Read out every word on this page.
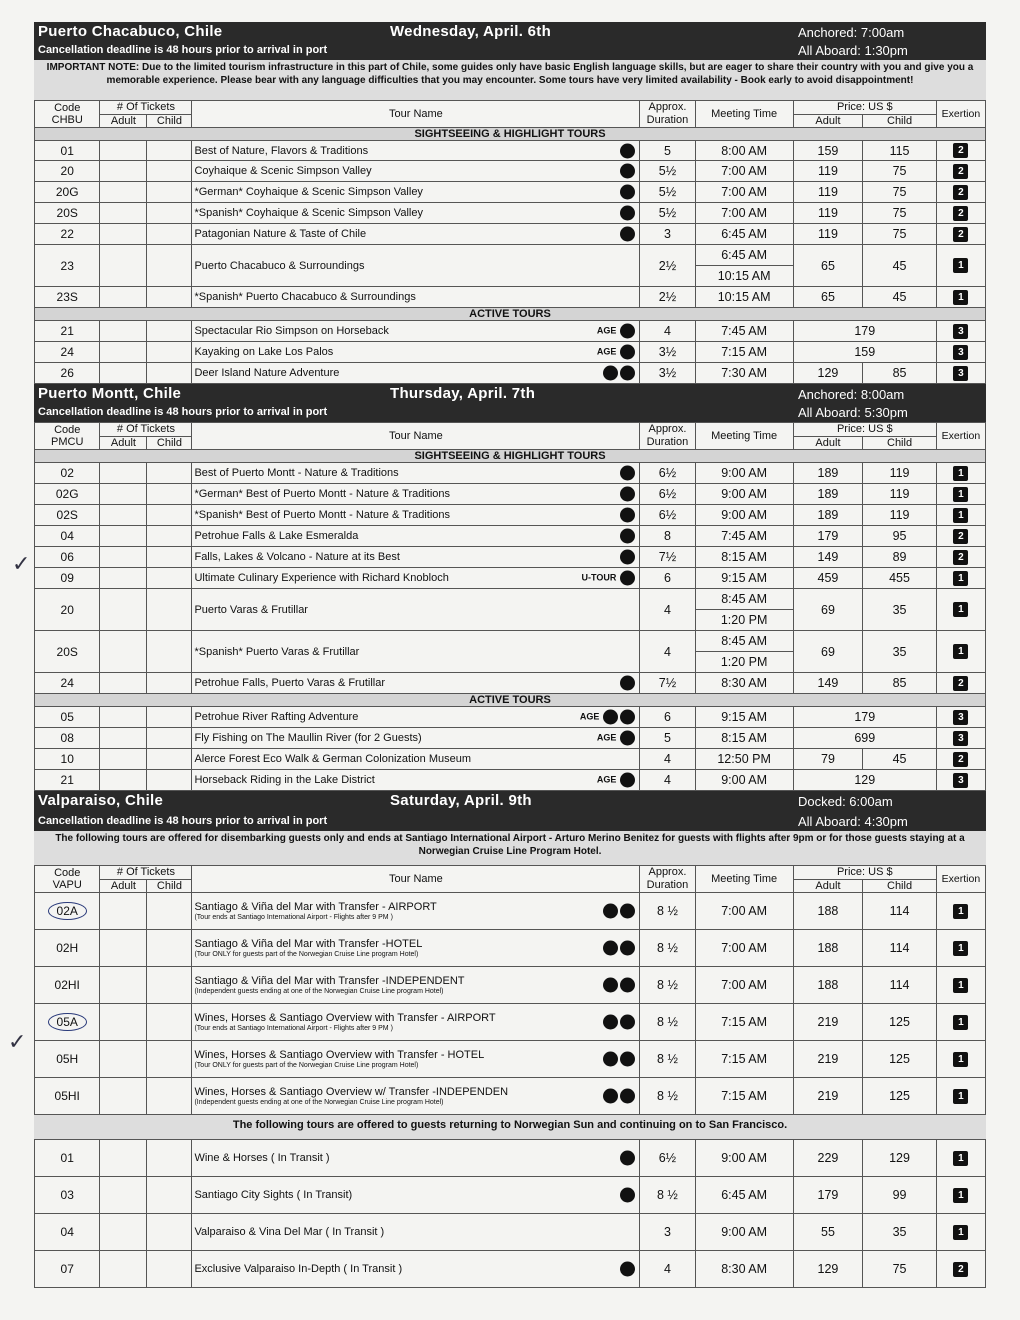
Puerto Chacabuco, Chile	Wednesday, April. 6th	Anchored: 7:00am
Cancellation deadline is 48 hours prior to arrival in port	All Aboard: 1:30pm
IMPORTANT NOTE: Due to the limited tourism infrastructure in this part of Chile, some guides only have basic English language skills, but are eager to share their country with you and give you a memorable experience. Please bear with any language difficulties that you may encounter. Some tours have very limited availability - Book early to avoid disappointment!
Code
CHBU	# Of Tickets		Tour Name	Approx. Duration	Meeting Time	Price: US $		Exertion
	Adult	Child				Adult	Child	
SIGHTSEEING & HIGHLIGHT TOURS								
01			Best of Nature, Flavors & Traditions	5	8:00 AM	159	115	2
20			Coyhaique & Scenic Simpson Valley	5½	7:00 AM	119	75	2
20G			*German* Coyhaique & Scenic Simpson Valley	5½	7:00 AM	119	75	2
20S			*Spanish* Coyhaique & Scenic Simpson Valley	5½	7:00 AM	119	75	2
22			Patagonian Nature & Taste of Chile	3	6:45 AM	119	75	2
23			Puerto Chacabuco & Surroundings	2½	6:45 AM	65	45	1
					10:15 AM			
23S			*Spanish* Puerto Chacabuco & Surroundings	2½	10:15 AM	65	45	1
ACTIVE TOURS								
21			Spectacular Rio Simpson on Horseback AGE	4	7:45 AM	179		3
24			Kayaking on Lake Los Palos AGE	3½	7:15 AM	159		3
26			Deer Island Nature Adventure	3½	7:30 AM	129	85	3
Puerto Montt, Chile	Thursday, April. 7th	Anchored: 8:00am
Cancellation deadline is 48 hours prior to arrival in port	All Aboard: 5:30pm
Code
PMCU	# Of Tickets		Tour Name	Approx. Duration	Meeting Time	Price: US $		Exertion
	Adult	Child				Adult	Child	
SIGHTSEEING & HIGHLIGHT TOURS								
02			Best of Puerto Montt - Nature & Traditions	6½	9:00 AM	189	119	1
02G			*German* Best of Puerto Montt - Nature & Traditions	6½	9:00 AM	189	119	1
02S			*Spanish* Best of Puerto Montt - Nature & Traditions	6½	9:00 AM	189	119	1
04			Petrohue Falls & Lake Esmeralda	8	7:45 AM	179	95	2
06			Falls, Lakes & Volcano - Nature at its Best	7½	8:15 AM	149	89	2
09			Ultimate Culinary Experience with Richard Knobloch U-TOUR	6	9:15 AM	459	455	1
20			Puerto Varas & Frutillar	4	8:45 AM	69	35	1
					1:20 PM			
20S			*Spanish* Puerto Varas & Frutillar	4	8:45 AM	69	35	1
					1:20 PM			
24			Petrohue Falls, Puerto Varas & Frutillar	7½	8:30 AM	149	85	2
ACTIVE TOURS								
05			Petrohue River Rafting Adventure AGE	6	9:15 AM	179		3
08			Fly Fishing on The Maullin River (for 2 Guests) AGE	5	8:15 AM	699		3
10			Alerce Forest Eco Walk & German Colonization Museum	4	12:50 PM	79	45	2
21			Horseback Riding in the Lake District AGE	4	9:00 AM	129		3
Valparaiso, Chile	Saturday, April. 9th	Docked: 6:00am
Cancellation deadline is 48 hours prior to arrival in port	All Aboard: 4:30pm
The following tours are offered for disembarking guests only and ends at Santiago International Airport - Arturo Merino Benitez for guests with flights after 9pm or for those guests staying at a Norwegian Cruise Line Program Hotel.
Code
VAPU	# Of Tickets		Tour Name	Approx. Duration	Meeting Time	Price: US $		Exertion
	Adult	Child				Adult	Child	
02A			Santiago & Viña del Mar with Transfer - AIRPORT
(Tour ends at Santiago International Airport - Flights after 9 PM )	8 ½	7:00 AM	188	114	1
02H			Santiago & Viña del Mar with Transfer -HOTEL
(Tour ONLY for guests part of the Norwegian Cruise Line program Hotel)	8 ½	7:00 AM	188	114	1
02HI			Santiago & Viña del Mar with Transfer -INDEPENDENT
(Independent guests ending at one of the Norwegian Cruise Line program Hotel)	8 ½	7:00 AM	188	114	1
05A			Wines, Horses & Santiago Overview with Transfer - AIRPORT
(Tour ends at Santiago International Airport - Flights after 9 PM )	8 ½	7:15 AM	219	125	1
05H			Wines, Horses & Santiago Overview with Transfer - HOTEL
(Tour ONLY for guests part of the Norwegian Cruise Line program Hotel)	8 ½	7:15 AM	219	125	1
05HI			Wines, Horses & Santiago Overview w/ Transfer -INDEPENDEN
(Independent guests ending at one of the Norwegian Cruise Line program Hotel)	8 ½	7:15 AM	219	125	1
The following tours are offered to guests returning to Norwegian Sun and continuing on to San Francisco.
01			Wine & Horses ( In Transit )	6½	9:00 AM	229	129	1
03			Santiago City Sights ( In Transit)	8 ½	6:45 AM	179	99	1
04			Valparaiso & Vina Del Mar ( In Transit )	3	9:00 AM	55	35	1
07			Exclusive Valparaiso In-Depth ( In Transit )	4	8:30 AM	129	75	2
✓
✓
